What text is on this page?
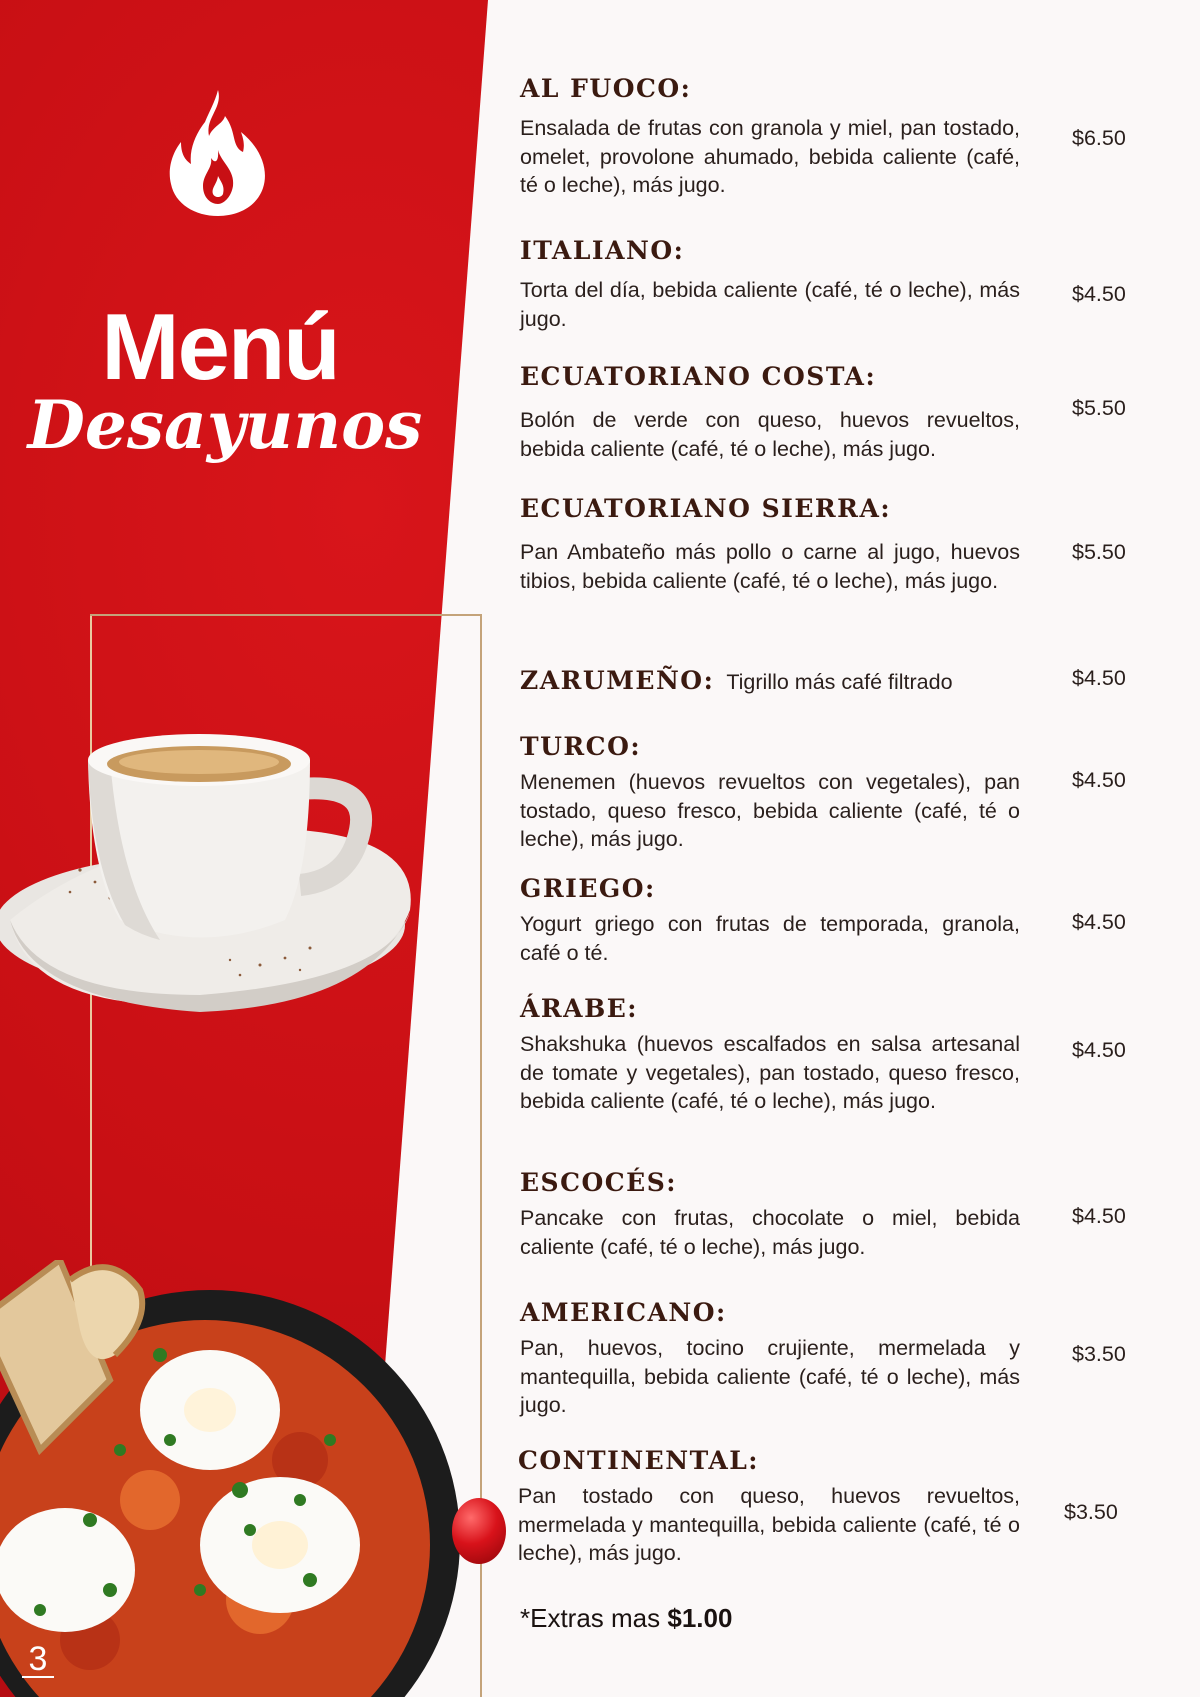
Menú
Desayunos
3
AL FUOCO:
Ensalada de frutas con granola y miel, pan tostado, omelet, provolone ahumado, bebida caliente (café, té o leche), más jugo.
$6.50
ITALIANO:
Torta del día, bebida caliente (café, té o leche), más jugo.
$4.50
ECUATORIANO COSTA:
Bolón de verde con queso, huevos revueltos, bebida caliente (café, té o leche), más jugo.
$5.50
ECUATORIANO SIERRA:
Pan Ambateño más pollo o carne al jugo, huevos tibios, bebida caliente (café, té o leche), más jugo.
$5.50
ZARUMEÑO: Tigrillo más café filtrado	$4.50
TURCO:
Menemen (huevos revueltos con vegetales), pan tostado, queso fresco, bebida caliente (café, té o leche), más jugo.
$4.50
GRIEGO:
Yogurt griego con frutas de temporada, granola, café o té.
$4.50
ÁRABE:
Shakshuka (huevos escalfados en salsa artesanal de tomate y vegetales), pan tostado, queso fresco, bebida caliente (café, té o leche), más jugo.
$4.50
ESCOCÉS:
Pancake con frutas, chocolate o miel, bebida caliente (café, té o leche), más jugo.
$4.50
AMERICANO:
Pan, huevos, tocino crujiente, mermelada y mantequilla, bebida caliente (café, té o leche), más jugo.
$3.50
CONTINENTAL:
Pan tostado con queso, huevos revueltos, mermelada y mantequilla, bebida caliente (café, té o leche), más jugo.
$3.50
*Extras mas $1.00
